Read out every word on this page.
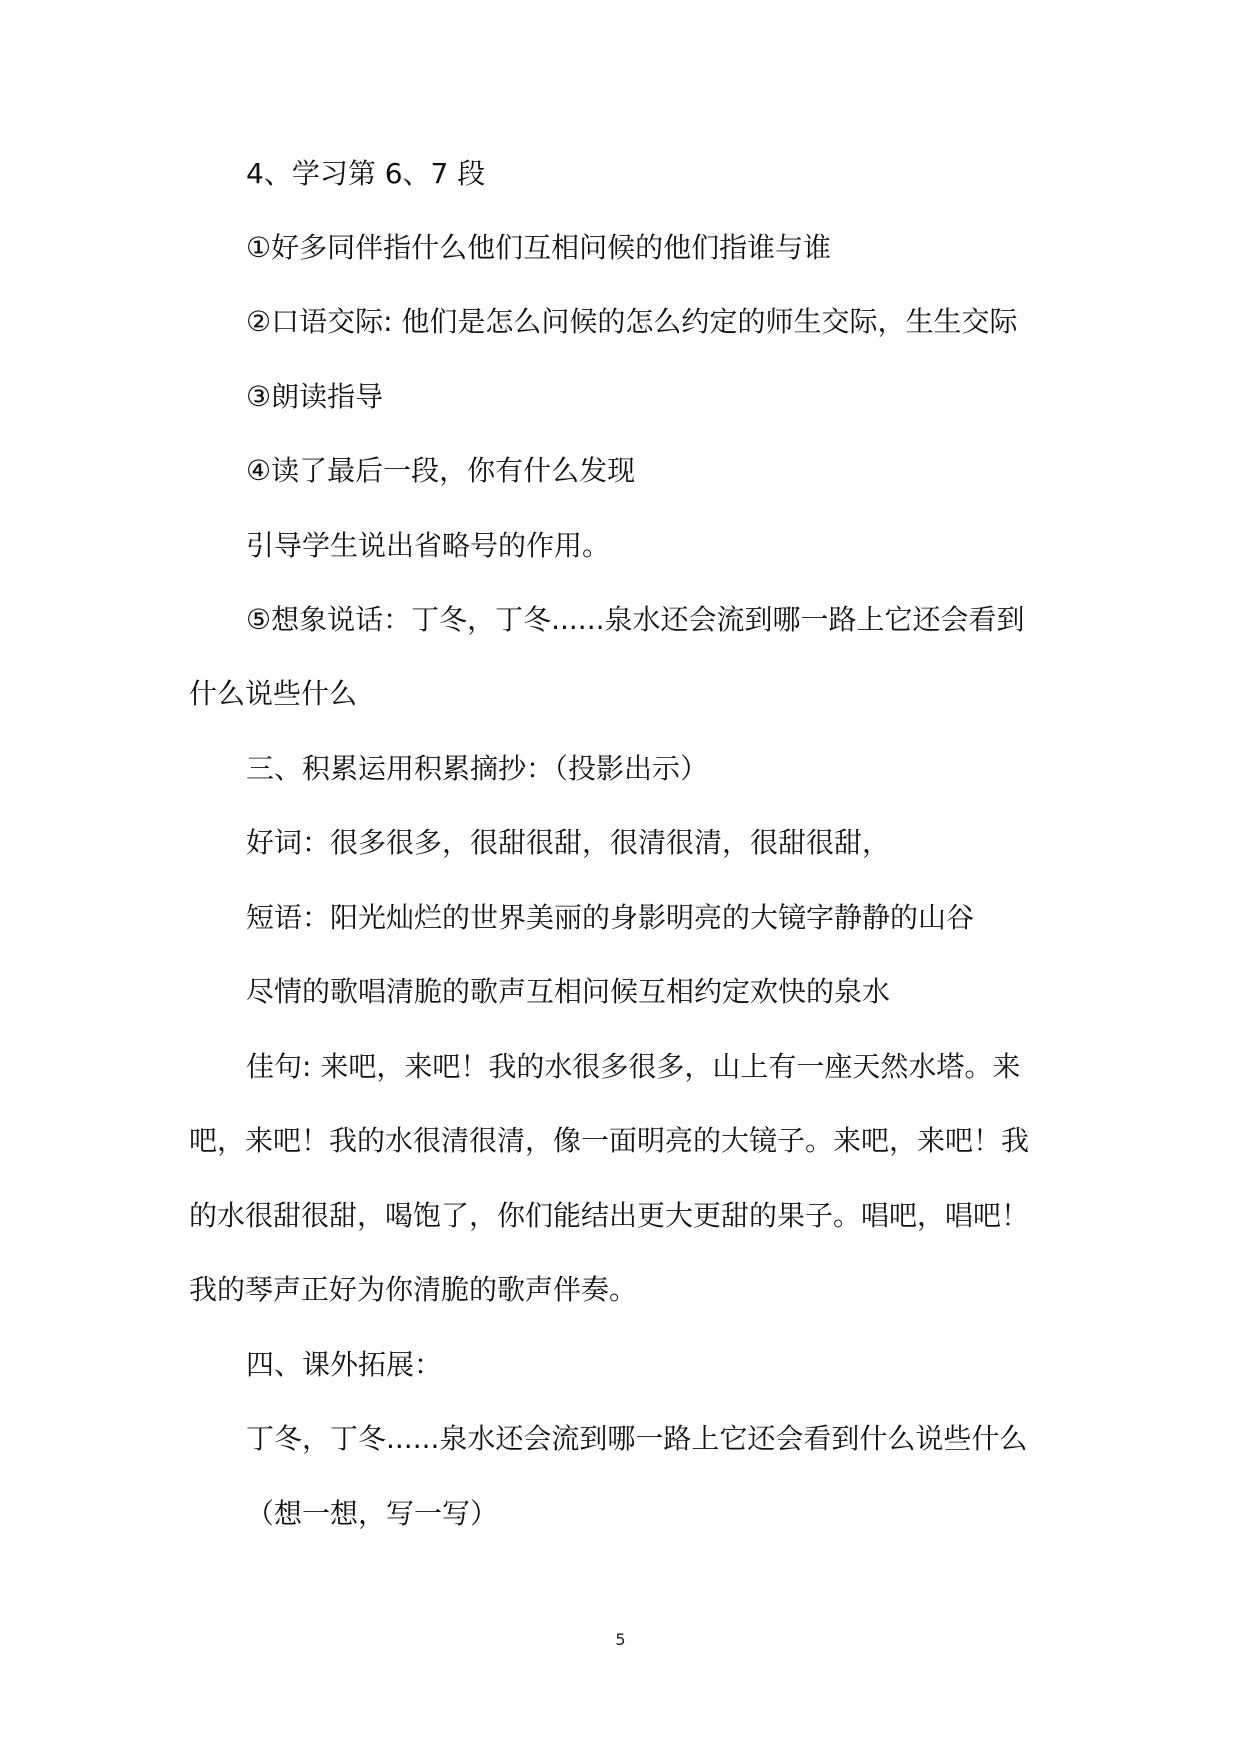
4、学习第 6、7 段
①好多同伴指什么他们互相问候的他们指谁与谁
②口语交际: 他们是怎么问候的怎么约定的师生交际，生生交际
③朗读指导
④读了最后一段，你有什么发现
引导学生说出省略号的作用。
⑤想象说话：丁冬，丁冬......泉水还会流到哪一路上它还会看到
什么说些什么
三、积累运用积累摘抄：（投影出示）
好词：很多很多，很甜很甜，很清很清，很甜很甜，
短语：阳光灿烂的世界美丽的身影明亮的大镜字静静的山谷
尽情的歌唱清脆的歌声互相问候互相约定欢快的泉水
佳句: 来吧，来吧！我的水很多很多，山上有一座天然水塔。来
吧，来吧！我的水很清很清，像一面明亮的大镜子。来吧，来吧！我
的水很甜很甜，喝饱了，你们能结出更大更甜的果子。唱吧，唱吧！
我的琴声正好为你清脆的歌声伴奏。
四、课外拓展：
丁冬，丁冬......泉水还会流到哪一路上它还会看到什么说些什么
（想一想，写一写）
5
